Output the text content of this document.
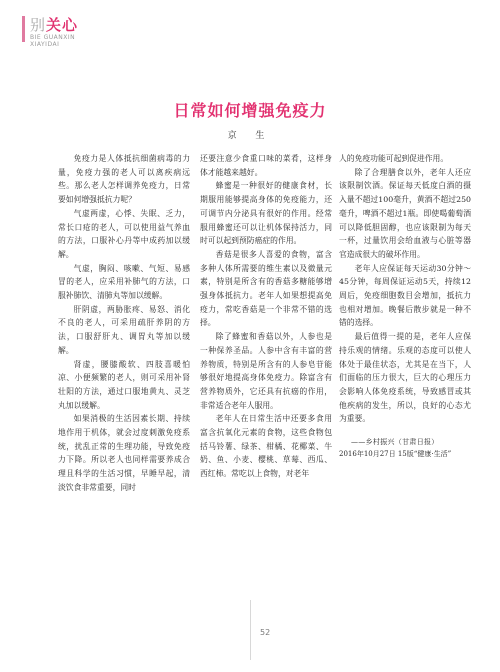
别关心
BIE GUANXIN
XIAYIDAI
日常如何增强免疫力
京 生

免疫力是人体抵抗细菌病毒的力量，免疫力强的老人可以离疾病远些。那么老人怎样调养免疫力，日常要如何增强抵抗力呢？

气虚两虚，心悸、失眠、乏力，常长口疮的老人，可以使用益气养血的方法，口服补心丹等中成药加以缓解。

气虚，胸闷、咳嗽、气短、易感冒的老人，应采用补肺气的方法，口服补肺饮、清肺丸等加以缓解。

肝阴虚，两胁胀疼、易怒、消化不良的老人，可采用疏肝养阴的方法，口服舒肝丸、调胃丸等加以缓解。

肾虚，腰膝酸软、四肢喜暖怕凉、小便频繁的老人，则可采用补肾壮阳的方法，通过口服地黄丸、灵芝丸加以缓解。

如果消极的生活因素长期、持续地作用于机体，就会过度刺激免疫系统，扰乱正常的生理功能，导致免疫力下降。所以老人也同样需要养成合理且科学的生活习惯，早睡早起，清淡饮食非常重要，同时

还要注意少食重口味的菜肴，这样身体才能越来越好。

蜂蜜是一种很好的健康食材，长期服用能够提高身体的免疫能力，还可调节内分泌具有很好的作用。经常服用蜂蜜还可以让机体保持活力，同时可以起到预防癌症的作用。

香菇是很多人喜爱的食物，富含多种人体所需要的维生素以及微量元素，特别是所含有的香菇多糖能够增强身体抵抗力。老年人如果想提高免疫力，常吃香菇是一个非常不错的选择。

除了蜂蜜和香菇以外，人参也是一种保养圣品。人参中含有丰富的营养物质，特别是所含有的人参皂苷能够很好地提高身体免疫力。除富含有营养物质外，它还具有抗癌的作用，非常适合老年人服用。

老年人在日常生活中还要多食用富含抗氧化元素的食物，这些食物包括马铃薯、绿茶、柑橘、花椰菜、牛奶、鱼、小麦、樱桃、草莓、西瓜、西红柿。常吃以上食物，对老年

人的免疫功能可起到促进作用。

除了合理膳食以外，老年人还应该限制饮酒。保证每天低度白酒的摄入量不超过100毫升，黄酒不超过250毫升，啤酒不超过1瓶。即使喝葡萄酒可以降低胆固醇，也应该限制为每天一杯，过量饮用会给血液与心脏等器官造成很大的破坏作用。

老年人应保证每天运动30分钟～45分钟，每周保证运动5天，持续12周后，免疫细胞数目会增加，抵抗力也相对增加。晚餐后散步就是一种不错的选择。

最后值得一提的是，老年人应保持乐观的情绪。乐观的态度可以使人体处于最佳状态，尤其是在当下，人们面临的压力很大，巨大的心理压力会影响人体免疫系统，导致感冒或其他疾病的发生，所以，良好的心态尤为重要。

——乡村振兴（甘肃日报）

2016年10月27日 15版“健康·生活”

52
